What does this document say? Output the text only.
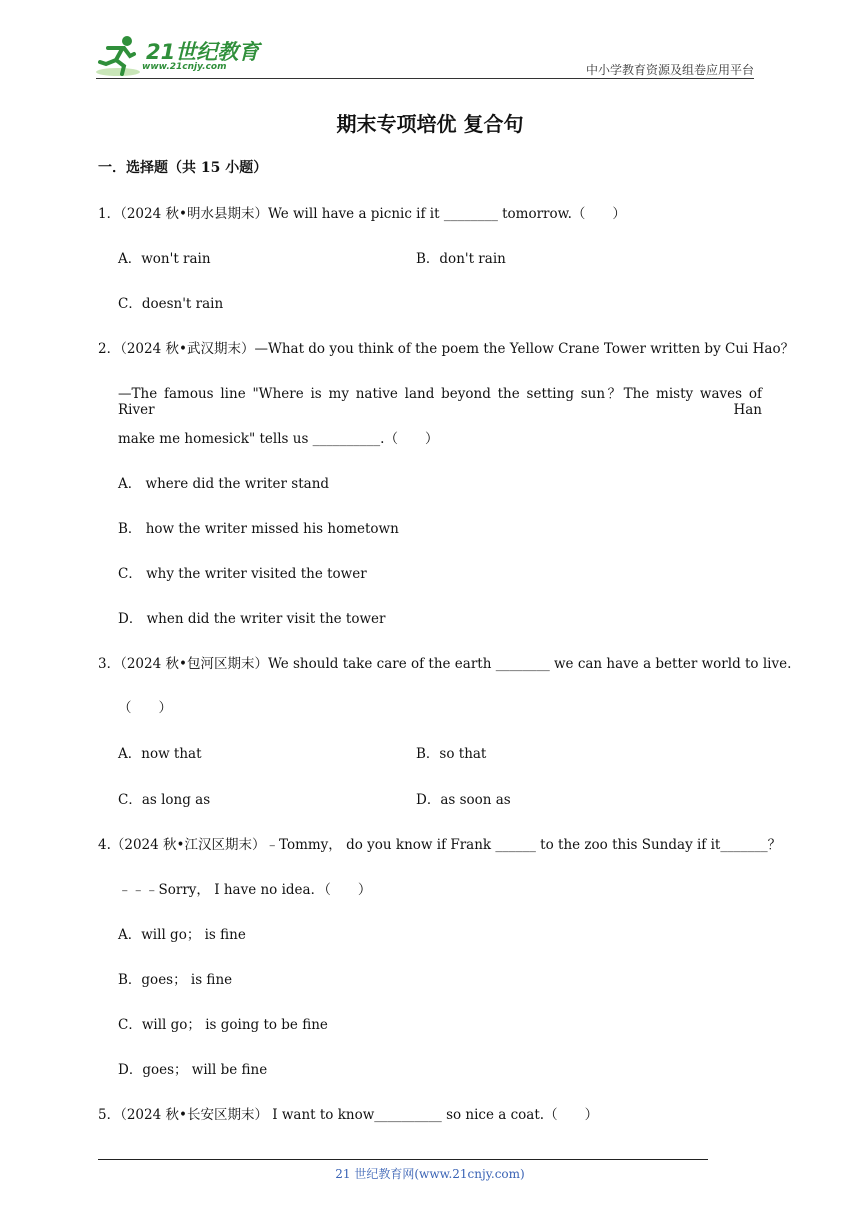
21世纪教育
www.21cnjy.com	中小学教育资源及组卷应用平台
期末专项培优 复合句
一．选择题（共 15 小题）
1．（2024 秋•明水县期末）We will have a picnic if it ________ tomorrow.（　　）
A．won't rain	B．don't rain
C．doesn't rain
2．（2024 秋•武汉期末）—What do you think of the poem the Yellow Crane Tower written by Cui Hao？
—The famous line "Where is my native land beyond the setting sun？The misty waves of River Han
make me homesick" tells us __________.（　　）
A． where did the writer stand
B． how the writer missed his hometown
C． why the writer visited the tower
D． when did the writer visit the tower
3．（2024 秋•包河区期末）We should take care of the earth ________ we can have a better world to live.
（　　）
A．now that	B．so that
C．as long as	D．as soon as
4.（2024 秋•江汉区期末）﹣Tommy， do you know if Frank ______ to the zoo this Sunday if it_______？
﹣﹣﹣Sorry， I have no idea．（　　）
A．will go； is fine
B．goes； is fine
C．will go； is going to be fine
D．goes； will be fine
5．（2024 秋•长安区期末） I want to know__________ so nice a coat.（　　）
21 世纪教育网(www.21cnjy.com)
